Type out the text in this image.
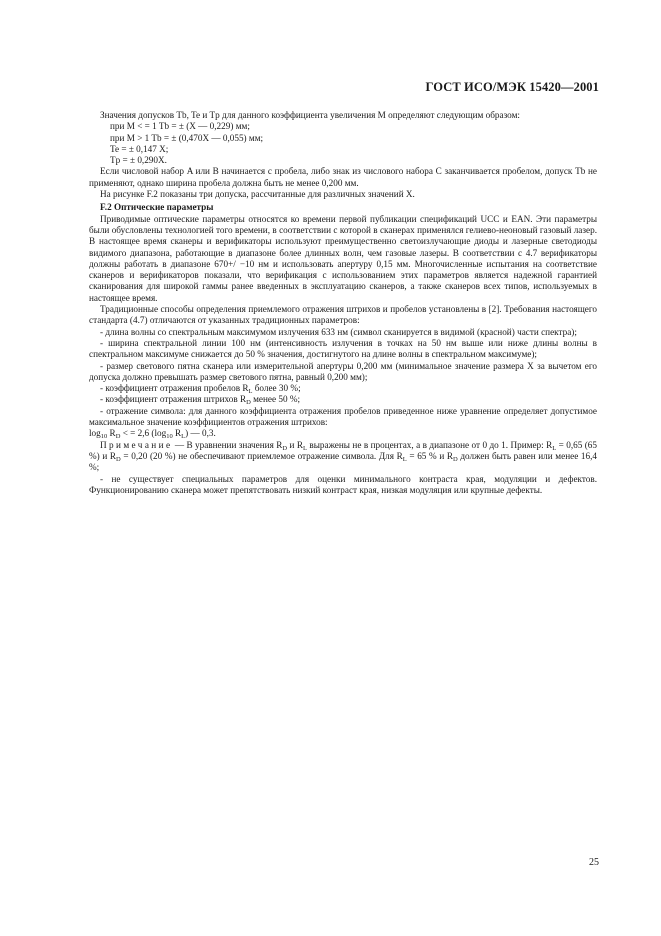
ГОСТ ИСО/МЭК 15420—2001

Значения допусков Tb, Te и Tp для данного коэффициента увеличения M определяют следующим образом:

при M < = 1 Tb = ± (X — 0,229) мм;

при M > 1 Tb = ± (0,470X — 0,055) мм;

Te = ± 0,147 X;

Tp = ± 0,290X.

Если числовой набор A или B начинается с пробела, либо знак из числового набора C заканчивается пробелом, допуск Tb не применяют, однако ширина пробела должна быть не менее 0,200 мм.

На рисунке F.2 показаны три допуска, рассчитанные для различных значений X.

F.2 Оптические параметры

Приводимые оптические параметры относятся ко времени первой публикации спецификаций UCC и EAN. Эти параметры были обусловлены технологией того времени, в соответствии с которой в сканерах применялся гелиево-неоновый газовый лазер. В настоящее время сканеры и верификаторы используют преимущественно светоизлучающие диоды и лазерные светодиоды видимого диапазона, работающие в диапазоне более длинных волн, чем газовые лазеры. В соответствии с 4.7 верификаторы должны работать в диапазоне 670+/ −10 нм и использовать апертуру 0,15 мм. Многочисленные испытания на соответствие сканеров и верификаторов показали, что верификация с использованием этих параметров является надежной гарантией сканирования для широкой гаммы ранее введенных в эксплуатацию сканеров, а также сканеров всех типов, используемых в настоящее время.

Традиционные способы определения приемлемого отражения штрихов и пробелов установлены в [2]. Требования настоящего стандарта (4.7) отличаются от указанных традиционных параметров:

- длина волны со спектральным максимумом излучения 633 нм (символ сканируется в видимой (красной) части спектра);

- ширина спектральной линии 100 нм (интенсивность излучения в точках на 50 нм выше или ниже длины волны в спектральном максимуме снижается до 50 % значения, достигнутого на длине волны в спектральном максимуме);

- размер светового пятна сканера или измерительной апертуры 0,200 мм (минимальное значение размера X за вычетом его допуска должно превышать размер светового пятна, равный 0,200 мм);

- коэффициент отражения пробелов $R_L$ более 30 %;

- коэффициент отражения штрихов $R_D$ менее 50 %;

- отражение символа: для данного коэффициента отражения пробелов приведенное ниже уравнение определяет допустимое максимальное значение коэффициентов отражения штрихов:

$\log_{10} R_D$ < = 2,6 ($\log_{10}$ $R_L$) — 0,3.

Примечание — В уравнении значения $R_D$ и $R_L$ выражены не в процентах, а в диапазоне от 0 до 1. Пример: $R_L = 0,65$ (65 %) и $R_D = 0,20$ (20 %) не обеспечивают приемлемое отражение символа. Для $R_L = 65$ % и $R_D$ должен быть равен или менее 16,4 %;

- не существует специальных параметров для оценки минимального контраста края, модуляции и дефектов. Функционированию сканера может препятствовать низкий контраст края, низкая модуляция или крупные дефекты.

25
